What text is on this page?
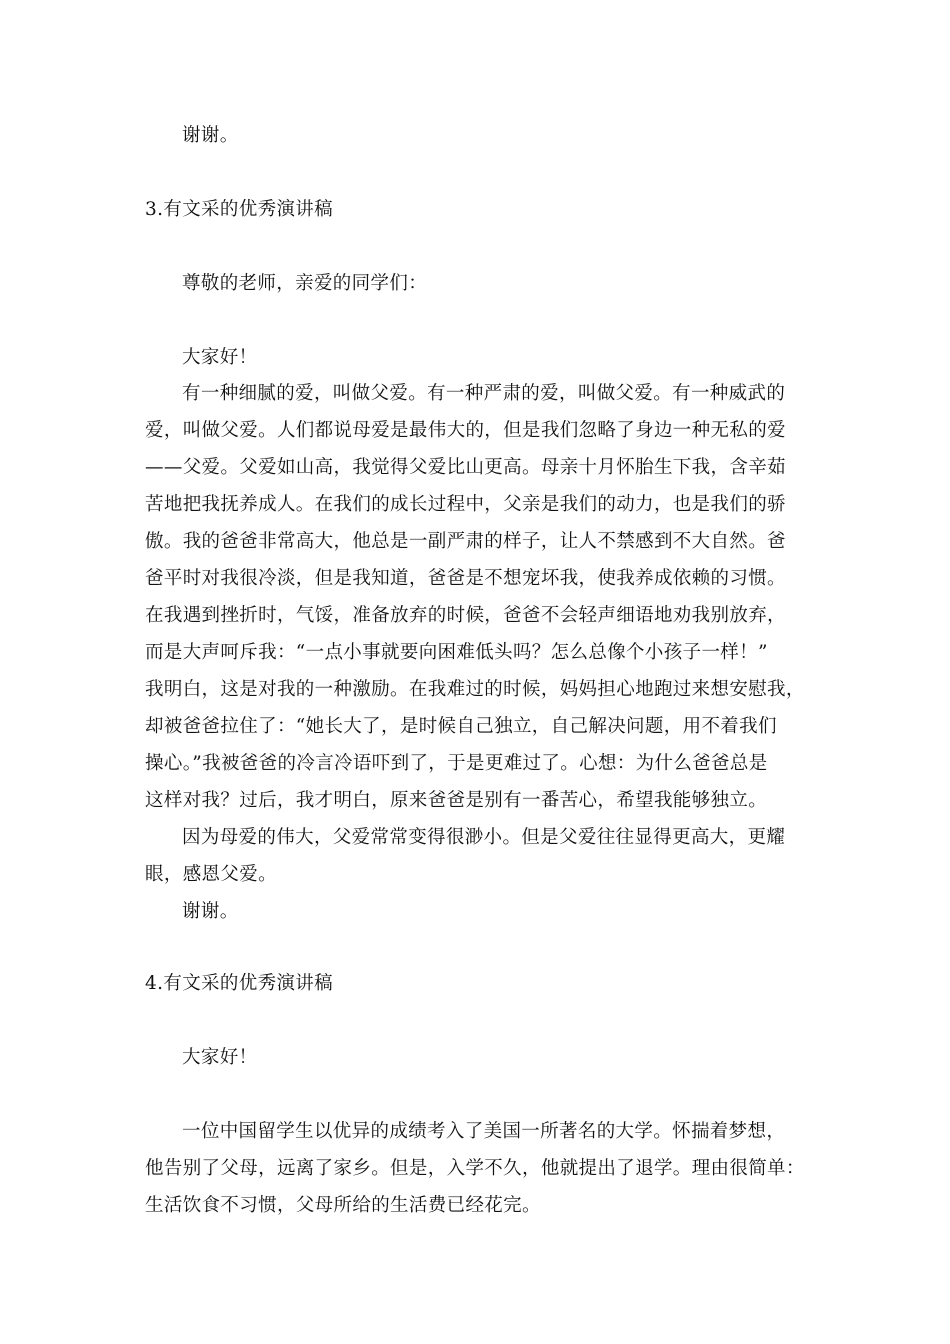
谢谢。
3.有文采的优秀演讲稿
尊敬的老师，亲爱的同学们：
大家好！
有一种细腻的爱，叫做父爱。有一种严肃的爱，叫做父爱。有一种威武的
爱，叫做父爱。人们都说母爱是最伟大的，但是我们忽略了身边一种无私的爱
——父爱。父爱如山高，我觉得父爱比山更高。母亲十月怀胎生下我，含辛茹
苦地把我抚养成人。在我们的成长过程中，父亲是我们的动力，也是我们的骄
傲。我的爸爸非常高大，他总是一副严肃的样子，让人不禁感到不大自然。爸
爸平时对我很冷淡，但是我知道，爸爸是不想宠坏我，使我养成依赖的习惯。
在我遇到挫折时，气馁，准备放弃的时候，爸爸不会轻声细语地劝我别放弃，
而是大声呵斥我：“一点小事就要向困难低头吗？怎么总像个小孩子一样！”
我明白，这是对我的一种激励。在我难过的时候，妈妈担心地跑过来想安慰我，
却被爸爸拉住了：“她长大了，是时候自己独立，自己解决问题，用不着我们
操心。”我被爸爸的冷言冷语吓到了，于是更难过了。心想：为什么爸爸总是
这样对我？过后，我才明白，原来爸爸是别有一番苦心，希望我能够独立。
因为母爱的伟大，父爱常常变得很渺小。但是父爱往往显得更高大，更耀
眼，感恩父爱。
谢谢。
4.有文采的优秀演讲稿
大家好！
一位中国留学生以优异的成绩考入了美国一所著名的大学。怀揣着梦想，
他告别了父母，远离了家乡。但是，入学不久，他就提出了退学。理由很简单：
生活饮食不习惯，父母所给的生活费已经花完。
